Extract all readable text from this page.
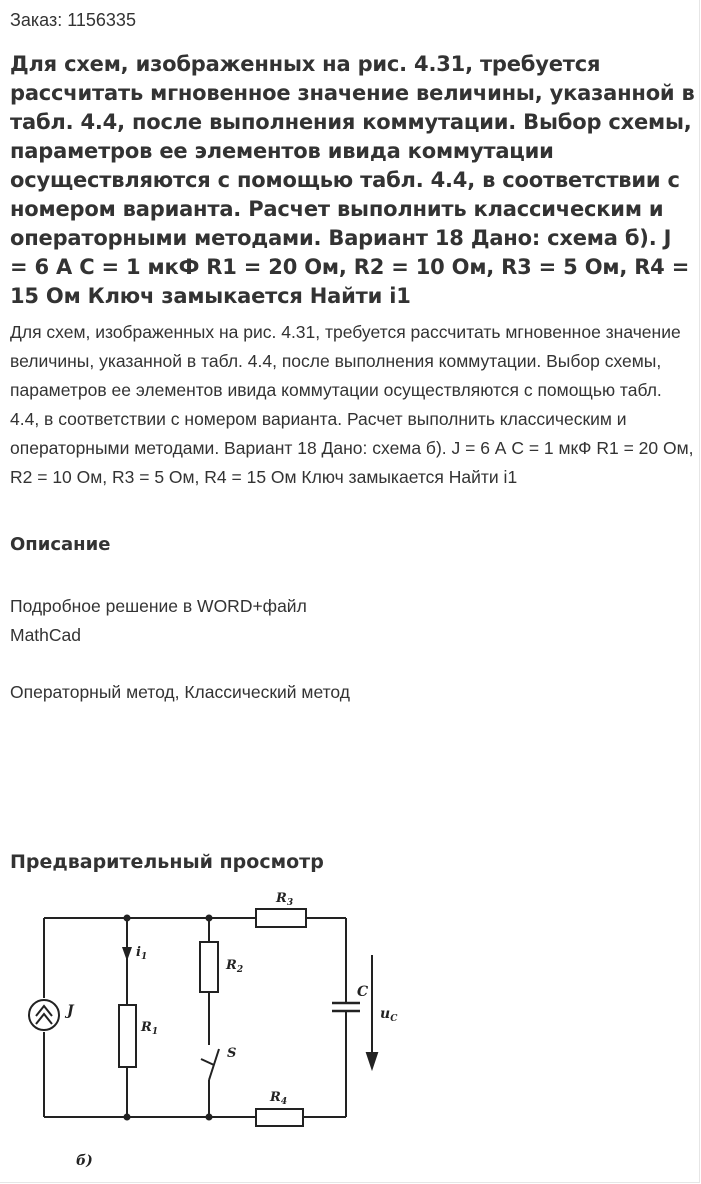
Заказ: 1156335
Для схем, изображенных на рис. 4.31, требуется рассчитать мгновенное значение величины, указанной в табл. 4.4, после выполнения коммутации. Выбор схемы, параметров ее элементов ивида коммутации осуществляются с помощью табл. 4.4, в соответствии с номером варианта. Расчет выполнить классическим и операторными методами. Вариант 18 Дано: схема б). J = 6 А C = 1 мкФ R1 = 20 Ом, R2 = 10 Ом, R3 = 5 Ом, R4 = 15 Ом Ключ замыкается Найти i1

Для схем, изображенных на рис. 4.31, требуется рассчитать мгновенное значение величины, указанной в табл. 4.4, после выполнения коммутации. Выбор схемы, параметров ее элементов ивида коммутации осуществляются с помощью табл. 4.4, в соответствии с номером варианта. Расчет выполнить классическим и операторными методами. Вариант 18 Дано: схема б). J = 6 А C = 1 мкФ R1 = 20 Ом, R2 = 10 Ом, R3 = 5 Ом, R4 = 15 Ом Ключ замыкается Найти i1

Описание

Подробное решение в WORD+файл

MathCad

Операторный метод, Классический метод

Предварительный просмотр
$R_3$
$R_2$
$R_1$
$R_4$
$i_1$
J
C
S
$u_C$
б)
